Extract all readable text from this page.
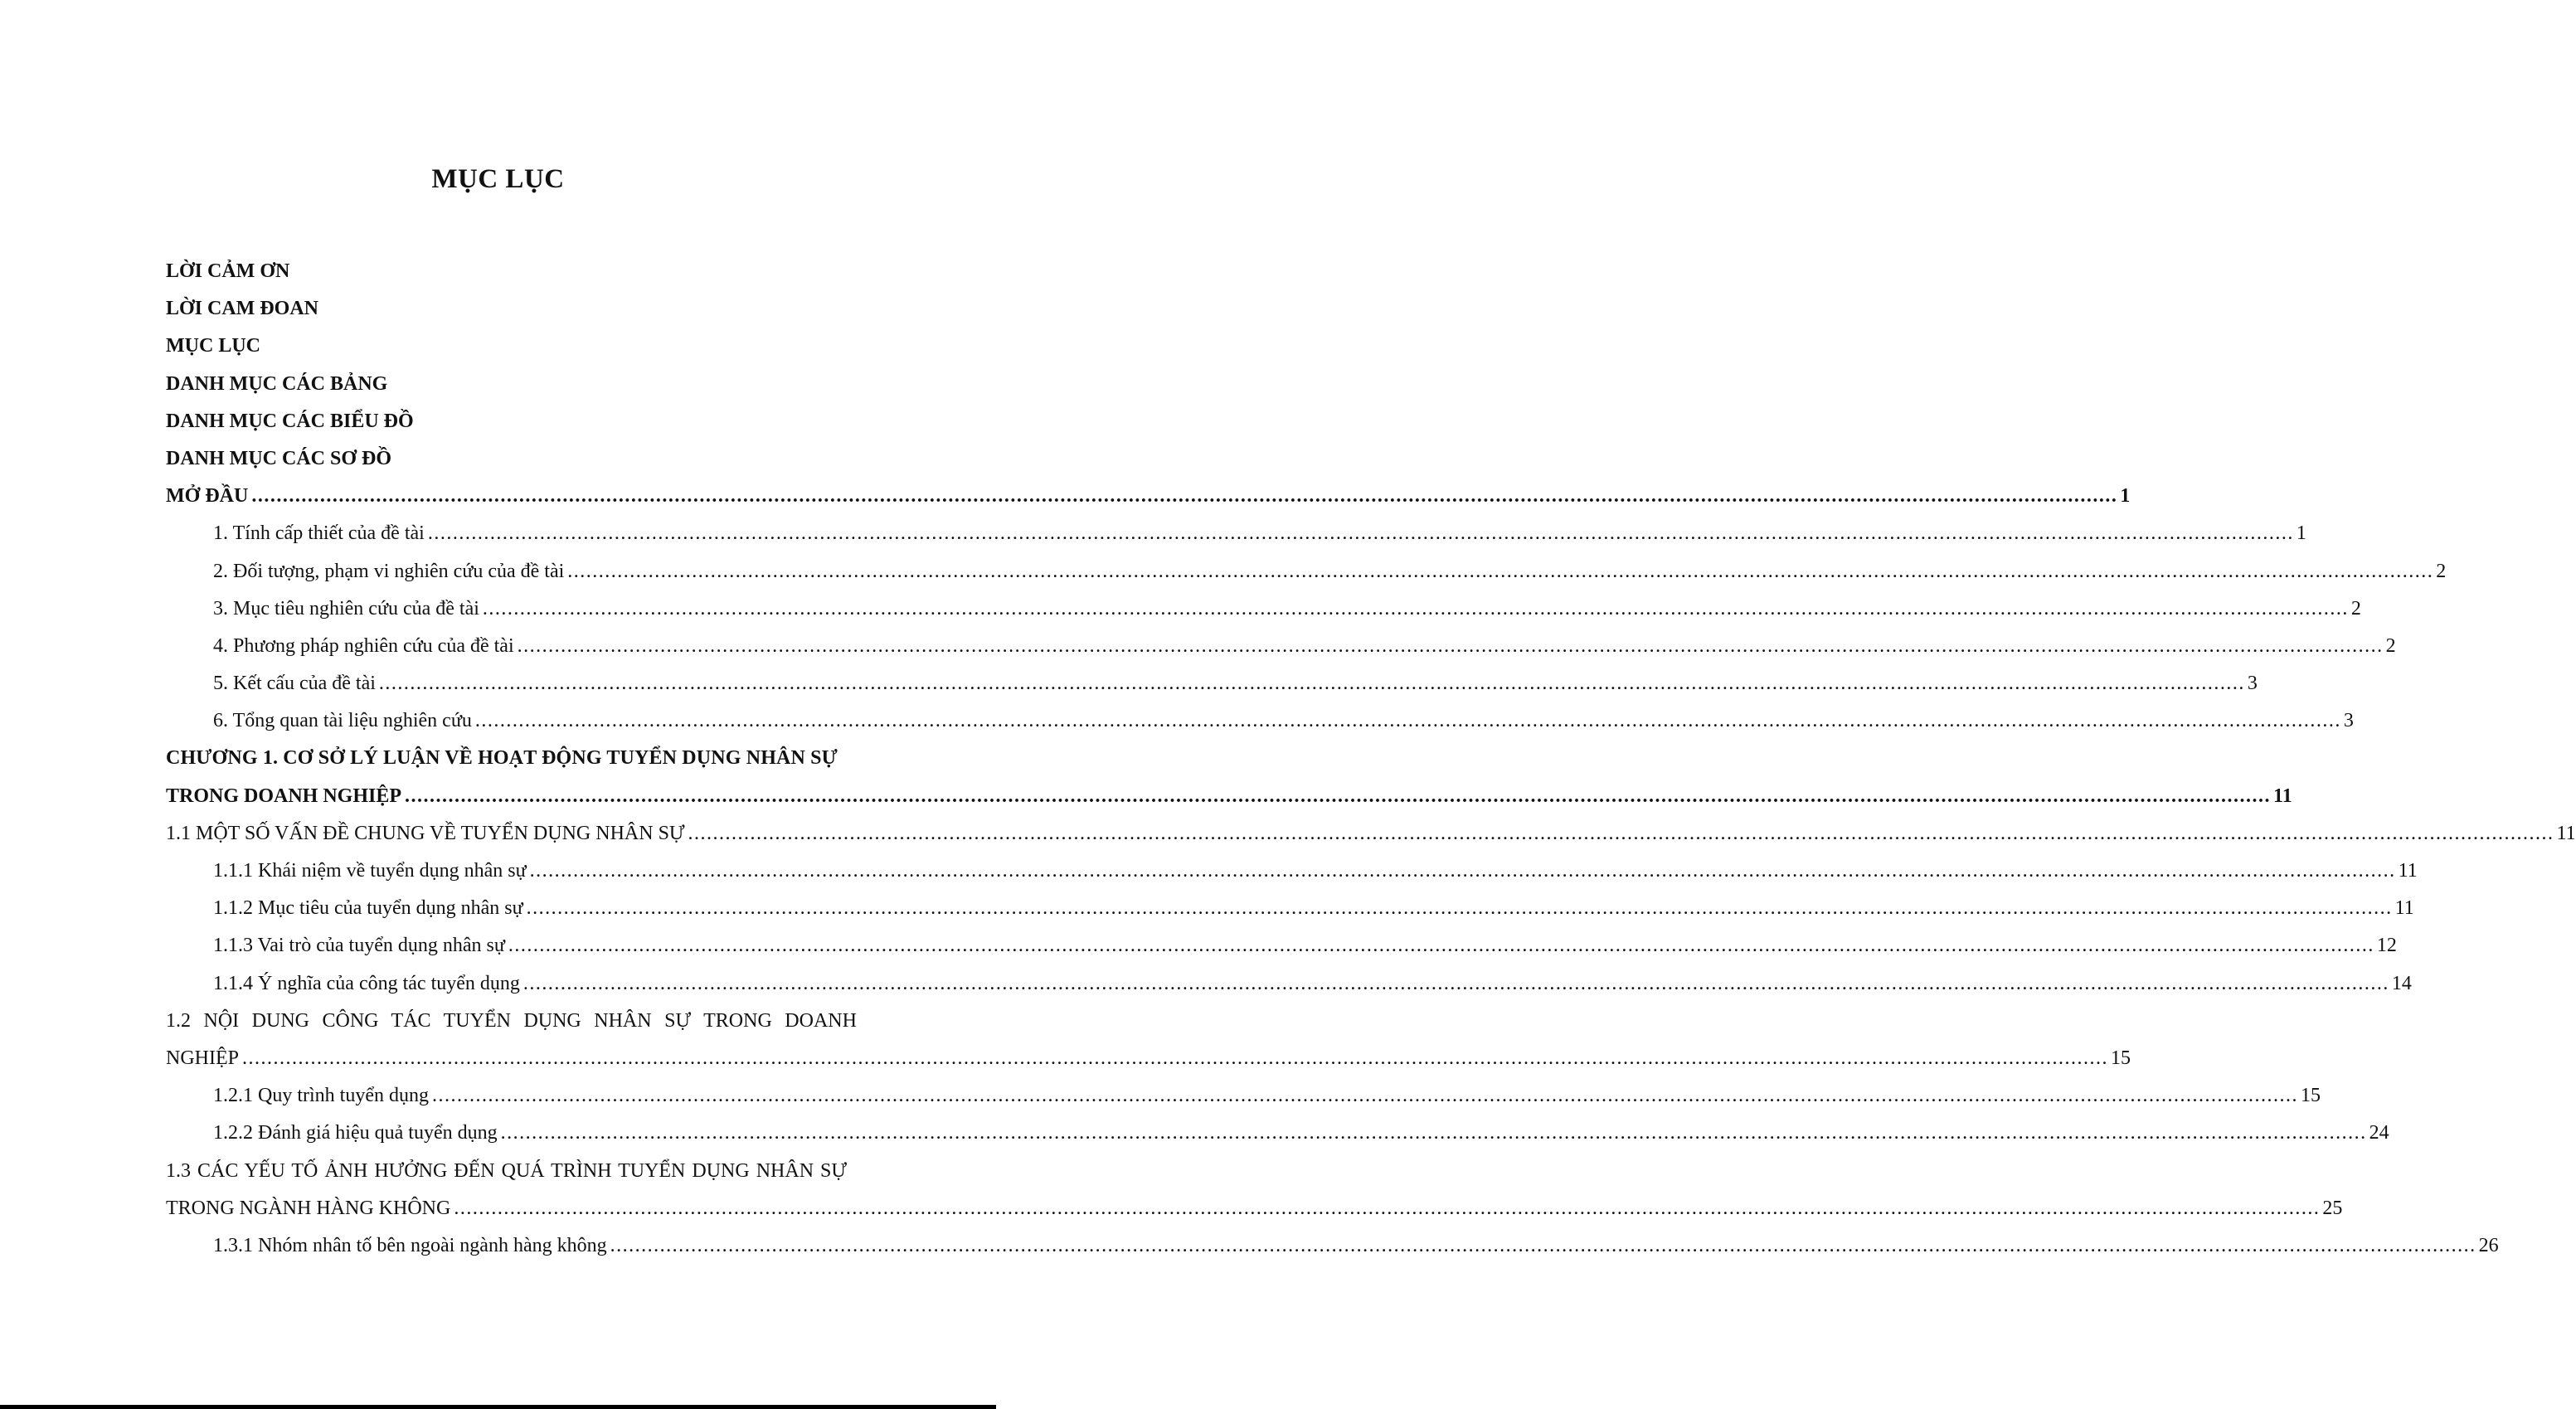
MỤC LỤC
LỜI CẢM ƠN
LỜI CAM ĐOAN
MỤC LỤC
DANH MỤC CÁC BẢNG
DANH MỤC CÁC BIỂU ĐỒ
DANH MỤC CÁC SƠ ĐỒ
MỞ ĐẦU ............................................................................................................................................................................................................................................................................................................ 1
1. Tính cấp thiết của đề tài ............................................................................................................................................................................................................................................................................................................ 1
2. Đối tượng, phạm vi nghiên cứu của đề tài ............................................................................................................................................................................................................................................................................................................ 2
3. Mục tiêu nghiên cứu của đề tài ............................................................................................................................................................................................................................................................................................................ 2
4. Phương pháp nghiên cứu của đề tài ............................................................................................................................................................................................................................................................................................................ 2
5. Kết cấu của đề tài ............................................................................................................................................................................................................................................................................................................ 3
6. Tổng quan tài liệu nghiên cứu ............................................................................................................................................................................................................................................................................................................ 3
CHƯƠNG 1. CƠ SỞ LÝ LUẬN VỀ HOẠT ĐỘNG TUYỂN DỤNG NHÂN SỰ
TRONG DOANH NGHIỆP ............................................................................................................................................................................................................................................................................................................ 11
1.1 MỘT SỐ VẤN ĐỀ CHUNG VỀ TUYỂN DỤNG NHÂN SỰ ............................................................................................................................................................................................................................................................................................................ 11
1.1.1 Khái niệm về tuyển dụng nhân sự ............................................................................................................................................................................................................................................................................................................ 11
1.1.2 Mục tiêu của tuyển dụng nhân sự ............................................................................................................................................................................................................................................................................................................ 11
1.1.3 Vai trò của tuyển dụng nhân sự ............................................................................................................................................................................................................................................................................................................ 12
1.1.4 Ý nghĩa của công tác tuyển dụng ............................................................................................................................................................................................................................................................................................................ 14
1.2 NỘI DUNG CÔNG TÁC TUYỂN DỤNG NHÂN SỰ TRONG DOANH
NGHIỆP ............................................................................................................................................................................................................................................................................................................ 15
1.2.1 Quy trình tuyển dụng ............................................................................................................................................................................................................................................................................................................ 15
1.2.2 Đánh giá hiệu quả tuyển dụng ............................................................................................................................................................................................................................................................................................................ 24
1.3 CÁC YẾU TỐ ẢNH HƯỞNG ĐẾN QUÁ TRÌNH TUYỂN DỤNG NHÂN SỰ
TRONG NGÀNH HÀNG KHÔNG ............................................................................................................................................................................................................................................................................................................ 25
1.3.1 Nhóm nhân tố bên ngoài ngành hàng không ............................................................................................................................................................................................................................................................................................................ 26
